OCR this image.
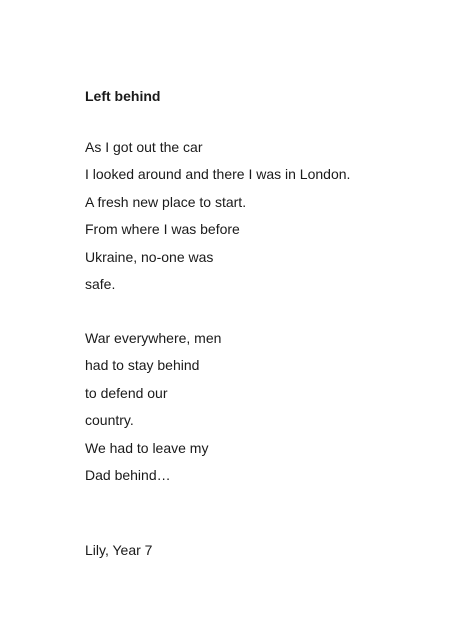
Left behind
As I got out the car
I looked around and there I was in London.
A fresh new place to start.
From where I was before
Ukraine, no-one was
safe.
War everywhere, men
had to stay behind
to defend our
country.
We had to leave my
Dad behind…
Lily, Year 7
